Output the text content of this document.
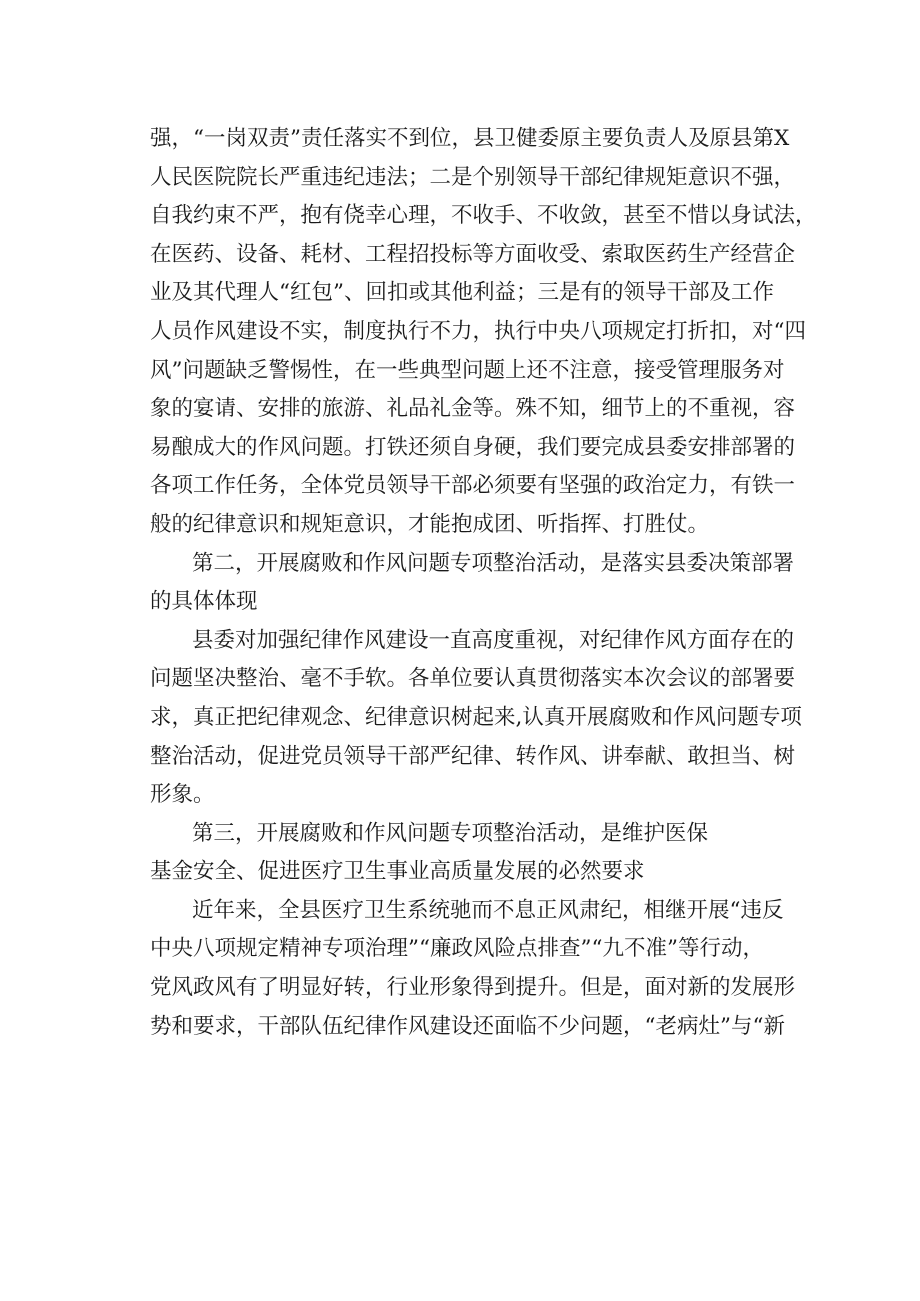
强，“一岗双责”责任落实不到位，县卫健委原主要负责人及原县第X
人民医院院长严重违纪违法；二是个别领导干部纪律规矩意识不强，
自我约束不严，抱有侥幸心理，不收手、不收敛，甚至不惜以身试法，
在医药、设备、耗材、工程招投标等方面收受、索取医药生产经营企
业及其代理人“红包”、回扣或其他利益；三是有的领导干部及工作
人员作风建设不实，制度执行不力，执行中央八项规定打折扣，对“四
风”问题缺乏警惕性，在一些典型问题上还不注意，接受管理服务对
象的宴请、安排的旅游、礼品礼金等。殊不知，细节上的不重视，容
易酿成大的作风问题。打铁还须自身硬，我们要完成县委安排部署的
各项工作任务，全体党员领导干部必须要有坚强的政治定力，有铁一
般的纪律意识和规矩意识，才能抱成团、听指挥、打胜仗。
第二，开展腐败和作风问题专项整治活动，是落实县委决策部署
的具体体现
县委对加强纪律作风建设一直高度重视，对纪律作风方面存在的
问题坚决整治、毫不手软。各单位要认真贯彻落实本次会议的部署要
求，真正把纪律观念、纪律意识树起来,认真开展腐败和作风问题专项
整治活动，促进党员领导干部严纪律、转作风、讲奉献、敢担当、树
形象。
第三，开展腐败和作风问题专项整治活动，是维护医保
基金安全、促进医疗卫生事业高质量发展的必然要求
近年来，全县医疗卫生系统驰而不息正风肃纪，相继开展“违反
中央八项规定精神专项治理”“廉政风险点排查”“九不准”等行动，
党风政风有了明显好转，行业形象得到提升。但是，面对新的发展形
势和要求，干部队伍纪律作风建设还面临不少问题，“老病灶”与“新
